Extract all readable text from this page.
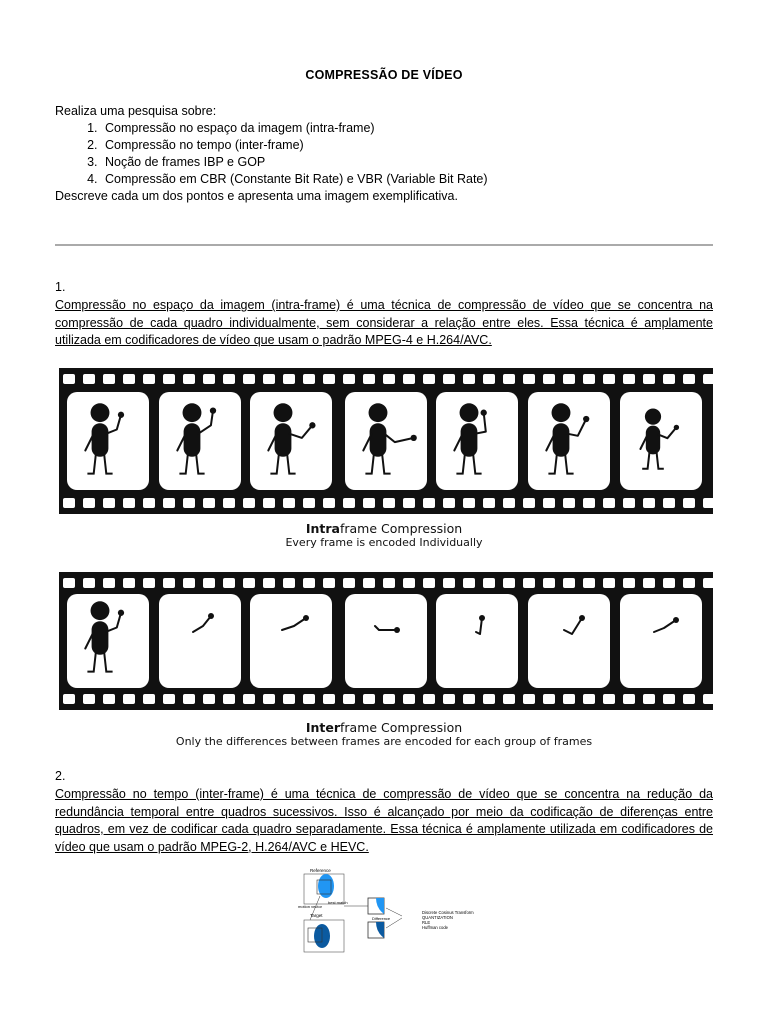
COMPRESSÃO DE VÍDEO
Realiza uma pesquisa sobre:
1. Compressão no espaço da imagem (intra-frame)
2. Compressão no tempo (inter-frame)
3. Noção de frames IBP e GOP
4. Compressão em CBR (Constante Bit Rate) e VBR (Variable Bit Rate)
Descreve cada um dos pontos e apresenta uma imagem exemplificativa.
1.
Compressão no espaço da imagem (intra-frame) é uma técnica de compressão de vídeo que se concentra na compressão de cada quadro individualmente, sem considerar a relação entre eles. Essa técnica é amplamente utilizada em codificadores de vídeo que usam o padrão MPEG-4 e H.264/AVC.
Intraframe Compression
Every frame is encoded Individually
Interframe Compression
Only the differences between frames are encoded for each group of frames
2.
Compressão no tempo (inter-frame) é uma técnica de compressão de vídeo que se concentra na redução da redundância temporal entre quadros sucessivos. Isso é alcançado por meio da codificação de diferenças entre quadros, em vez de codificar cada quadro separadamente. Essa técnica é amplamente utilizada em codificadores de vídeo que usam o padrão MPEG-2, H.264/AVC e HEVC.
Reference
best match
motion vector
Target
Difference
Discrete Cosinus Transform
QUANTIZATION
RLE
Huffman code
